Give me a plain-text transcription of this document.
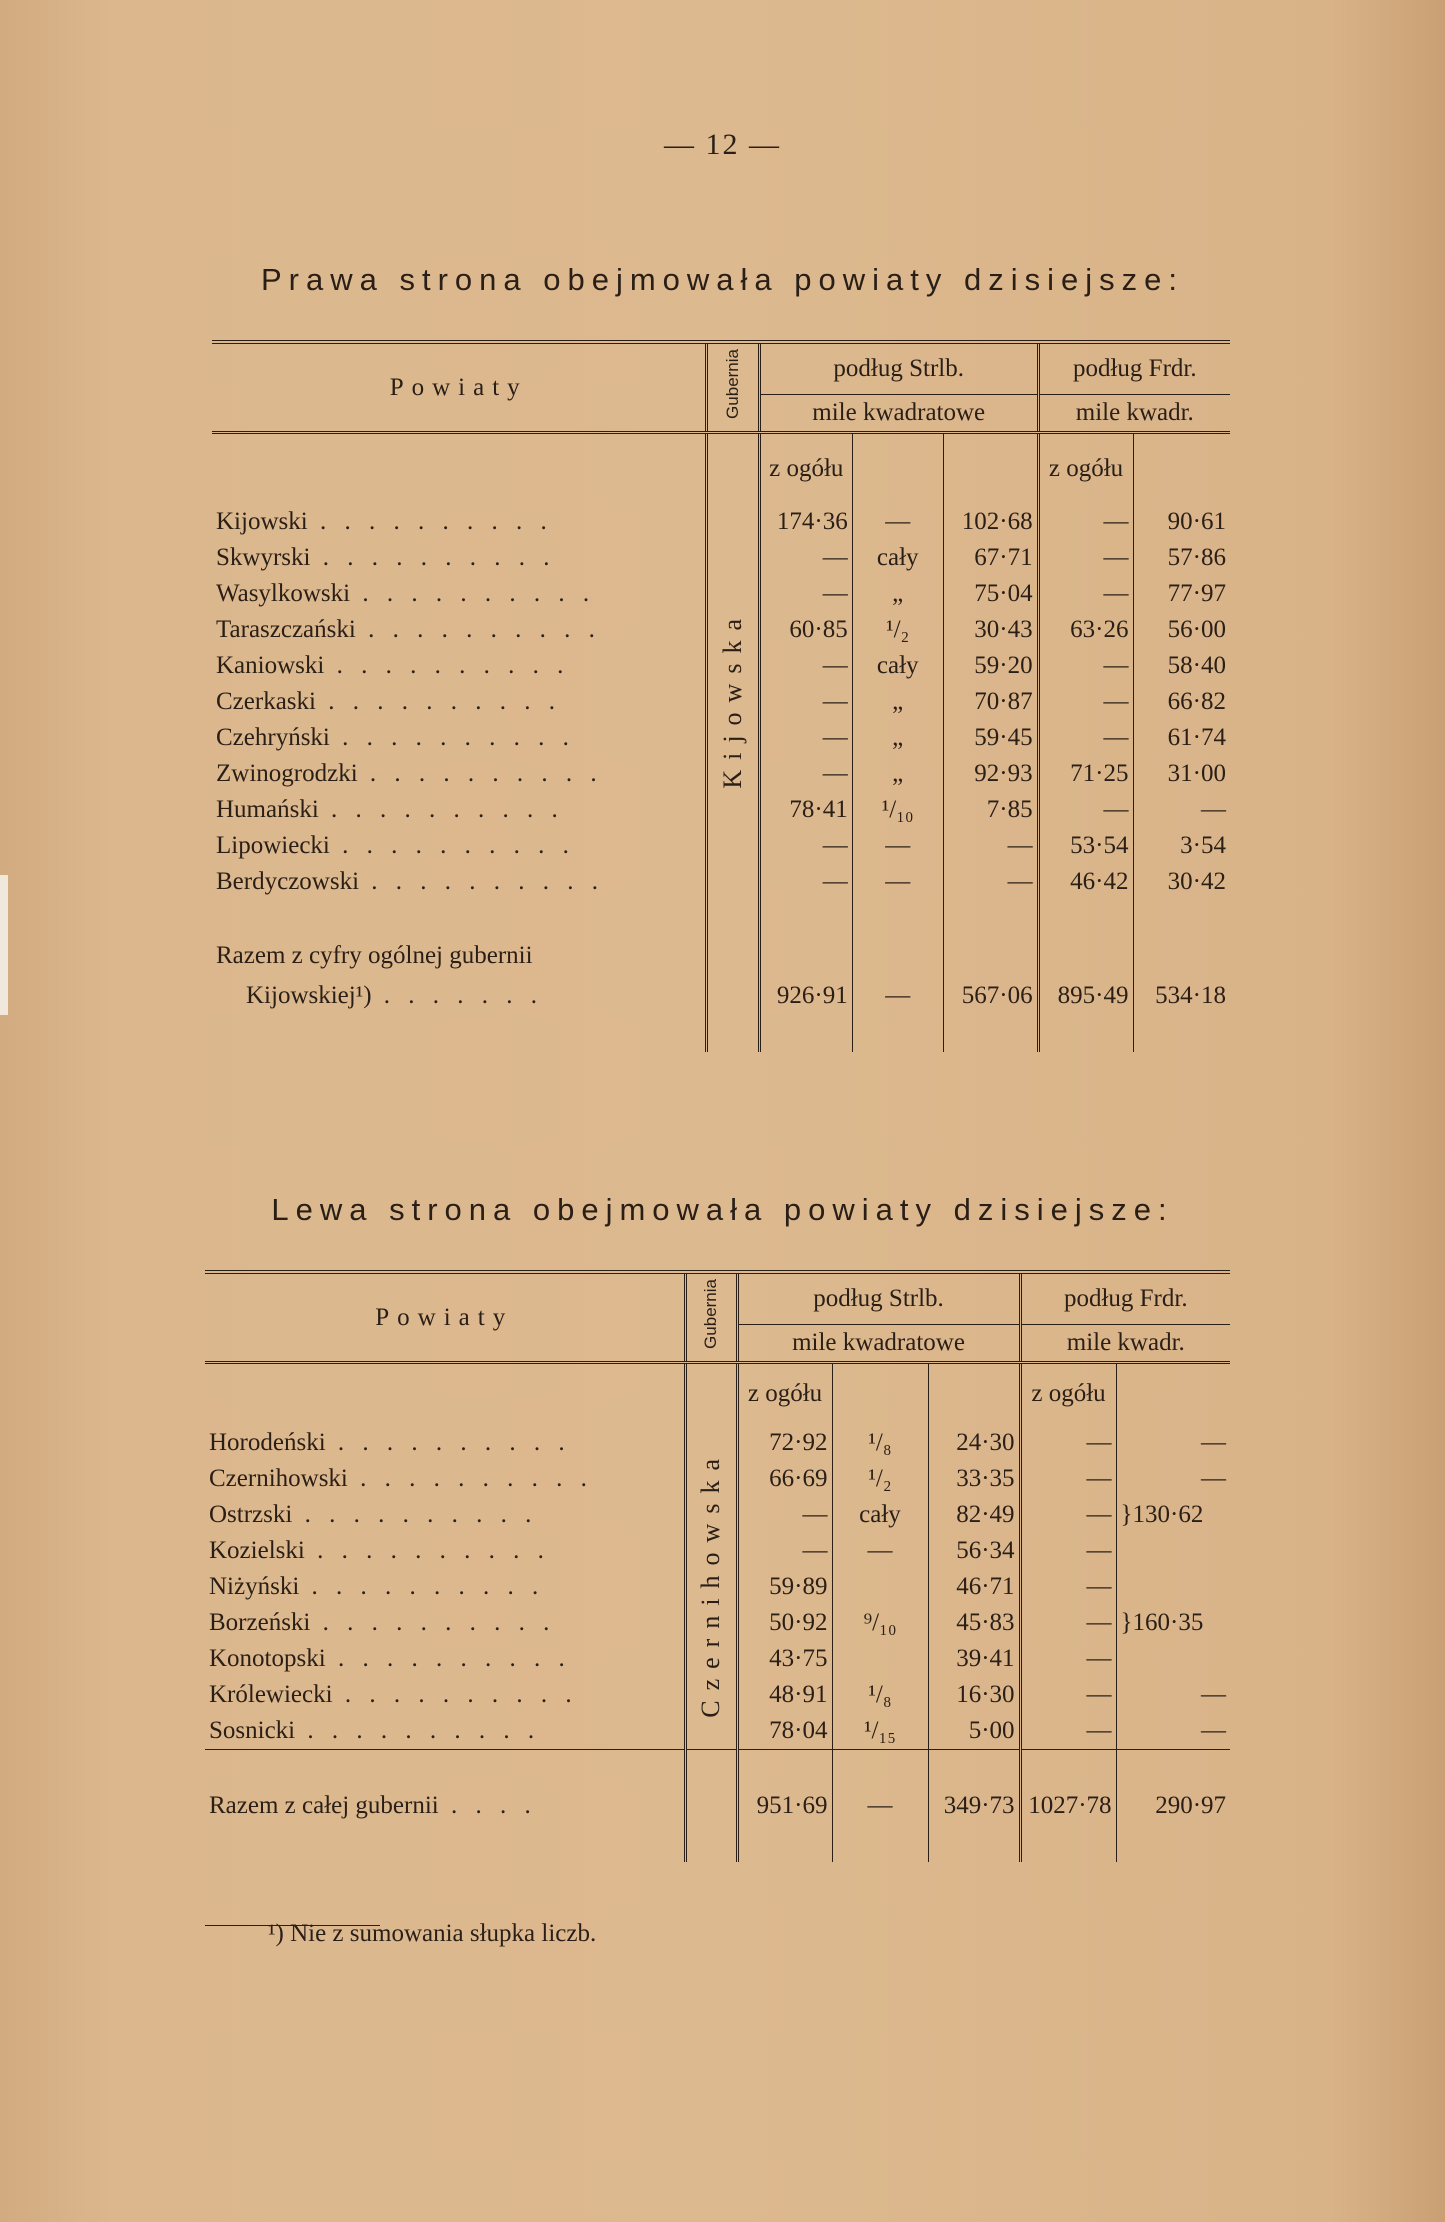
— 12 —
Prawa strona obejmowała powiaty dzisiejsze:
Powiaty	Gubernia	podług Strlb.			podług Frdr.	
		mile kwadratowe			mile kwadr.	

		z ogółu			z ogółu	
Kijowski . . . . . . . . . .	Kijowska	174·36	—	102·68	—	90·61
Skwyrski . . . . . . . . . .		—	cały	67·71	—	57·86
Wasylkowski . . . . . . . . . .		—	„	75·04	—	77·97
Taraszczański . . . . . . . . . .		60·85	¹/₂	30·43	63·26	56·00
Kaniowski . . . . . . . . . .		—	cały	59·20	—	58·40
Czerkaski . . . . . . . . . .		—	„	70·87	—	66·82
Czehryński . . . . . . . . . .		—	„	59·45	—	61·74
Zwinogrodzki . . . . . . . . . .		—	„	92·93	71·25	31·00
Humański . . . . . . . . . .		78·41	¹/₁₀	7·85	—	—
Lipowiecki . . . . . . . . . .		—	—	—	53·54	3·54
Berdyczowski . . . . . . . . . .		—	—	—	46·42	30·42

Razem z cyfry ogólnej gubernii						
Kijowskiej¹) . . . . . . .		926·91	—	567·06	895·49	534·18

Lewa strona obejmowała powiaty dzisiejsze:
Powiaty	Gubernia	podług Strlb.			podług Frdr.	
		mile kwadratowe			mile kwadr.	

		z ogółu			z ogółu	
Horodeński . . . . . . . . . .	Czernihowska	72·92	¹/₈	24·30	—	—
Czernihowski . . . . . . . . . .		66·69	¹/₂	33·35	—	—
Ostrzski . . . . . . . . . .		—	cały	82·49	—	}130·62
Kozielski . . . . . . . . . .		—	—	56·34	—	
Niżyński . . . . . . . . . .		59·89		46·71	—	
Borzeński . . . . . . . . . .		50·92	⁹/₁₀	45·83	—	}160·35
Konotopski . . . . . . . . . .		43·75		39·41	—	
Królewiecki . . . . . . . . . .		48·91	¹/₈	16·30	—	—
Sosnicki . . . . . . . . . .		78·04	¹/₁₅	5·00	—	—

Razem z całej gubernii . . . .		951·69	—	349·73	1027·78	290·97

¹) Nie z sumowania słupka liczb.
